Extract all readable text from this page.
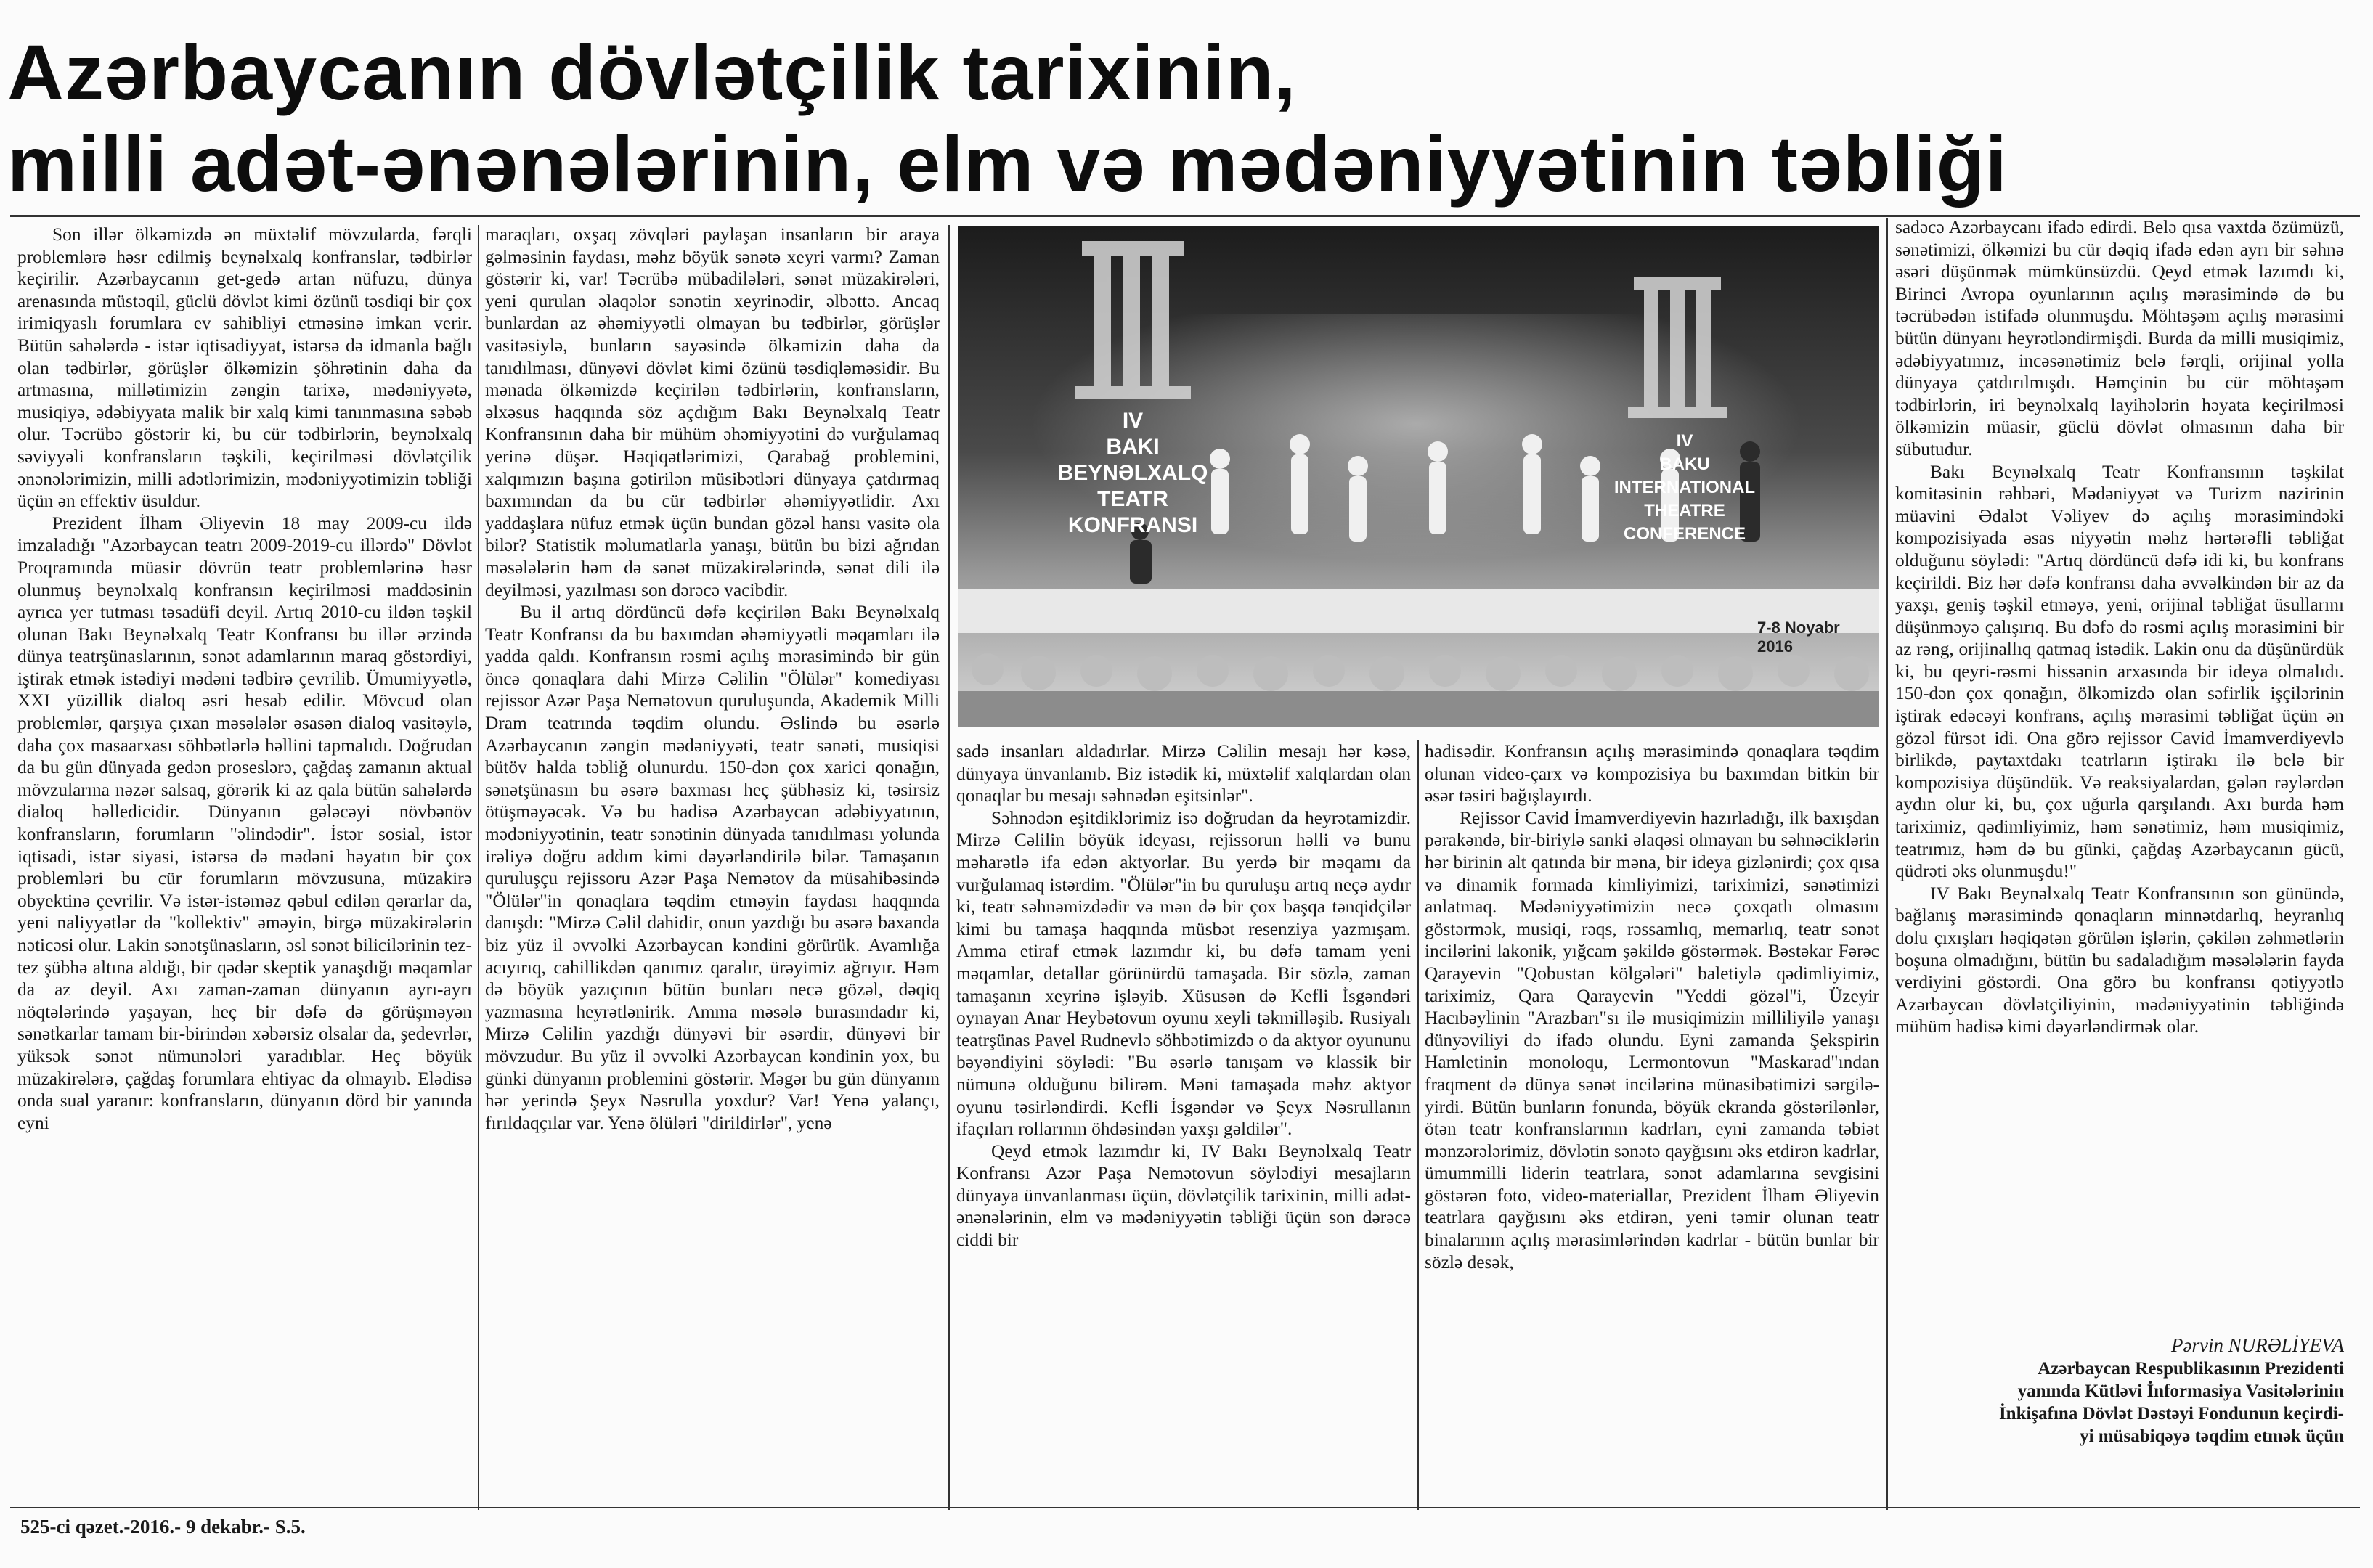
Azərbaycanın dövlətçilik tarixinin,
milli adət-ənənələrinin, elm və mədəniyyətinin təbliği

Son illər ölkəmizdə ən müxtəlif mövzularda, fərqli problemlərə həsr edilmiş beynəlxalq konfranslar, tədbirlər keçirilir. Azərbaycanın get-gedə artan nüfuzu, dünya arenasında müstəqil, güclü dövlət kimi özünü təsdiqi bir çox irimiqyaslı forumlara ev sahibliyi etməsinə imkan verir. Bütün sahələrdə - istər iqtisadiyyat, istərsə də idmanla bağlı olan tədbirlər, görüşlər ölkəmizin şöhrətinin daha da artmasına, millətimizin zəngin tarixə, mədəniyyətə, musiqiyə, ədəbiyyata malik bir xalq kimi tanınmasına səbəb olur. Təcrübə göstərir ki, bu cür tədbirlərin, beynəlxalq səviyyəli konfransların təşkili, keçirilməsi dövlətçilik ənənələrimizin, milli adətlərimizin, mədəniyyətimizin təbliği üçün ən effektiv üsuldur.

Prezident İlham Əliyevin 18 may 2009-cu ildə imzaladığı "Azərbaycan teatrı 2009-2019-cu illərdə" Dövlət Proqramında müasir dövrün teatr problemlərinə həsr olunmuş beynəlxalq konfransın keçirilməsi maddəsinin ayrıca yer tutması təsadüfi deyil. Artıq 2010-cu ildən təşkil olunan Bakı Beynəlxalq Teatr Konfransı bu illər ərzində dünya teatrşünaslarının, sənət adamlarının maraq göstərdiyi, iştirak etmək istədiyi mədəni tədbirə çevrilib. Ümumiyyətlə, XXI yüzillik dialoq əsri hesab edilir. Mövcud olan problemlər, qarşıya çıxan məsələlər əsasən dialoq vasitəylə, daha çox masaarxası söhbətlərlə həllini tapmalıdı. Doğrudan da bu gün dünyada gedən proseslərə, çağdaş zamanın aktual mövzularına nəzər salsaq, görərik ki az qala bütün sahələrdə dialoq həlledicidir. Dünyanın gələcəyi növbənöv konfransların, forumların "əlindədir". İstər sosial, istər iqtisadi, istər siyasi, istərsə də mədəni həyatın bir çox problemləri bu cür forumların mövzusuna, müzakirə obyektinə çevrilir. Və istər-istəməz qəbul edilən qərarlar da, yeni naliyyətlər də "kollektiv" əməyin, birgə müzakirələrin nəticəsi olur. Lakin sənətşünasların, əsl sənət bilicilərinin tez-tez şübhə altına aldığı, bir qədər skeptik yanaşdığı məqamlar da az deyil. Axı zaman-zaman dünyanın ayrı-ayrı nöqtələrində yaşayan, heç bir dəfə də görüşməyən sənətkarlar tamam bir-birindən xəbərsiz olsalar da, şedevrlər, yüksək sənət nümunələri yaradıblar. Heç böyük müzakirələrə, çağdaş forumlara ehtiyac da olmayıb. Elədisə onda sual yaranır: konfransların, dünyanın dörd bir yanında eyni

maraqları, oxşaq zövqləri paylaşan insanların bir araya gəlməsinin faydası, məhz böyük sənətə xeyri varmı? Zaman göstərir ki, var! Təcrübə mübadilələri, sənət müzakirələri, yeni qurulan əlaqələr sənətin xeyrinədir, əlbəttə. Ancaq bunlardan az əhəmiyyətli olmayan bu tədbirlər, görüşlər vasitəsiylə, bunların sayəsində ölkəmizin daha da tanıdılması, dünyəvi dövlət kimi özünü təsdiqləməsidir. Bu mənada ölkəmizdə keçirilən tədbirlərin, konfransların, əlxəsus haqqında söz açdığım Bakı Beynəlxalq Teatr Konfransının daha bir mühüm əhəmiyyətini də vurğulamaq yerinə düşər. Həqiqətlərimizi, Qarabağ problemini, xalqımızın başına gətirilən müsibətləri dünyaya çatdırmaq baxımından da bu cür tədbirlər əhəmiyyətlidir. Axı yaddaşlara nüfuz etmək üçün bundan gözəl hansı vasitə ola bilər? Statistik məlumatlarla yanaşı, bütün bu bizi ağrıdan məsələlərin həm də sənət müzakirələrində, sənət dili ilə deyilməsi, yazılması son dərəcə vacibdir.

Bu il artıq dördüncü dəfə keçirilən Bakı Beynəlxalq Teatr Konfransı da bu baxımdan əhəmiyyətli məqamları ilə yadda qaldı. Konfransın rəsmi açılış mərasimində bir gün öncə qonaqlara dahi Mirzə Cəlilin "Ölülər" komediyası rejissor Azər Paşa Nemətovun quruluşunda, Akademik Milli Dram teatrında təqdim olundu. Əslində bu əsərlə Azərbaycanın zəngin mədəniyyəti, teatr sənəti, musiqisi bütöv halda təbliğ olunurdu. 150-dən çox xarici qonağın, sənətşünasın bu əsərə baxması heç şübhəsiz ki, təsirsiz ötüşməyəcək. Və bu hadisə Azərbaycan ədəbiyyatının, mədəniyyətinin, teatr sənətinin dünyada tanıdılması yolunda irəliyə doğru addım kimi dəyərləndirilə bilər. Tamaşanın quruluşçu rejissoru Azər Paşa Nemətov da müsahibəsində "Ölülər"in qonaqlara təqdim etməyin faydası haqqında danışdı: "Mirzə Cəlil dahidir, onun yazdığı bu əsərə baxanda biz yüz il əvvəlki Azərbaycan kəndini görürük. Avamlığa acıyırıq, cahillikdən qanımız qaralır, ürəyimiz ağrıyır. Həm də böyük yazıçının bütün bunları necə gözəl, dəqiq yazmasına heyrətlənirik. Amma məsələ burasındadır ki, Mirzə Cəlilin yazdığı dünyəvi bir əsərdir, dünyəvi bir mövzudur. Bu yüz il əvvəlki Azərbaycan kəndinin yox, bu günki dünyanın problemini göstərir. Məgər bu gün dünyanın hər yerində Şeyx Nəsrulla yoxdur? Var! Yenə yalançı, fırıldaqçılar var. Yenə ölüləri "dirildirlər", yenə

IV
BAKI
BEYNƏLXALQ
TEATR
KONFRANSI
IV
BAKU
INTERNATIONAL
THEATRE
CONFERENCE
7-8 Noyabr 2016

sadə insanları aldadırlar. Mirzə Cəlilin mesajı hər kəsə, dünyaya ünvanlanıb. Biz istədik ki, müxtəlif xalqlardan olan qonaqlar bu mesajı səhnədən eşitsinlər".

Səhnədən eşitdiklərimiz isə doğrudan da heyrətamizdir. Mirzə Cəlilin böyük ideyası, rejissorun həlli və bunu məharətlə ifa edən aktyorlar. Bu yerdə bir məqamı da vurğulamaq istərdim. "Ölülər"in bu quruluşu artıq neçə aydır ki, teatr səhnəmizdədir və mən də bir çox başqa tənqidçilər kimi bu tamaşa haqqında müsbət resenziya yazmışam. Amma etiraf etmək lazımdır ki, bu dəfə tamam yeni məqamlar, detallar görünürdü tamaşada. Bir sözlə, zaman tamaşanın xeyrinə işləyib. Xüsusən də Kefli İsgəndəri oynayan Anar Heybətovun oyunu xeyli təkmilləşib. Rusiyalı teatrşünas Pavel Rudnevlə söhbətimizdə o da aktyor oyununu bəyəndiyini söylədi: "Bu əsərlə tanışam və klassik bir nümunə olduğunu bilirəm. Məni tamaşada məhz aktyor oyunu təsirləndirdi. Kefli İsgəndər və Şeyx Nəsrullanın ifaçıları rollarının öhdəsindən yaxşı gəldilər".

Qeyd etmək lazımdır ki, IV Bakı Beynəlxalq Teatr Konfransı Azər Paşa Nemətovun söylədiyi mesajların dünyaya ünvanlanması üçün, dövlətçilik tarixinin, milli adət-ənənələrinin, elm və mədəniyyətin təbliği üçün son dərəcə ciddi bir

hadisədir. Konfransın açılış mərasimində qonaqlara təqdim olunan video-çarx və kompozisiya bu baxımdan bitkin bir əsər təsiri bağışlayırdı.

Rejissor Cavid İmamverdiyevin hazırladığı, ilk baxışdan pərakəndə, bir-biriylə sanki əlaqəsi olmayan bu səhnəciklərin hər birinin alt qatında bir məna, bir ideya gizlənirdi; çox qısa və dinamik formada kimliyimizi, tariximizi, sənətimizi anlatmaq. Mədəniyyətimizin necə çoxqatlı olmasını göstərmək, musiqi, rəqs, rəssamlıq, memarlıq, teatr sənət incilərini lakonik, yığcam şəkildə göstərmək. Bəstəkar Fərəc Qarayevin "Qobustan kölgələri" baletiylə qədimliyimiz, tariximiz, Qara Qarayevin "Yeddi gözəl"i, Üzeyir Hacıbəylinin "Arazbarı"sı ilə musiqimizin milliliyilə yanaşı dünyəviliyi də ifadə olundu. Eyni zamanda Şekspirin Hamletinin monoloqu, Lermontovun "Maskarad"ından fraqment də dünya sənət incilərinə münasibətimizi sərgiləyirdi. Bütün bunların fonunda, böyük ekranda göstərilənlər, ötən teatr konfranslarının kadrları, eyni zamanda təbiət mənzərələrimiz, dövlətin sənətə qayğısını əks etdirən kadrlar, ümummilli liderin teatrlara, sənət adamlarına sevgisini göstərən foto, video-materiallar, Prezident İlham Əliyevin teatrlara qayğısını əks etdirən, yeni təmir olunan teatr binalarının açılış mərasimlərindən kadrlar - bütün bunlar bir sözlə desək,

sadəcə Azərbaycanı ifadə edirdi. Belə qısa vaxtda özümüzü, sənətimizi, ölkəmizi bu cür dəqiq ifadə edən ayrı bir səhnə əsəri düşünmək mümkünsüzdü. Qeyd etmək lazımdı ki, Birinci Avropa oyunlarının açılış mərasimində də bu təcrübədən istifadə olunmuşdu. Möhtəşəm açılış mərasimi bütün dünyanı heyrətləndirmişdi. Burda da milli musiqimiz, ədəbiyyatımız, incəsənətimiz belə fərqli, orijinal yolla dünyaya çatdırılmışdı. Həmçinin bu cür möhtəşəm tədbirlərin, iri beynəlxalq layihələrin həyata keçirilməsi ölkəmizin müasir, güclü dövlət olmasının daha bir sübutudur.

Bakı Beynəlxalq Teatr Konfransının təşkilat komitəsinin rəhbəri, Mədəniyyət və Turizm nazirinin müavini Ədalət Vəliyev də açılış mərasimindəki kompozisiyada əsas niyyətin məhz hərtərəfli təbliğat olduğunu söylədi: "Artıq dördüncü dəfə idi ki, bu konfrans keçirildi. Biz hər dəfə konfransı daha əvvəlkindən bir az da yaxşı, geniş təşkil etməyə, yeni, orijinal təbliğat üsullarını düşünməyə çalışırıq. Bu dəfə də rəsmi açılış mərasimini bir az rəng, orijinallıq qatmaq istədik. Lakin onu da düşünürdük ki, bu qeyri-rəsmi hissənin arxasında bir ideya olmalıdı. 150-dən çox qonağın, ölkəmizdə olan səfirlik işçilərinin iştirak edəcəyi konfrans, açılış mərasimi təbliğat üçün ən gözəl fürsət idi. Ona görə rejissor Cavid İmamverdiyevlə birlikdə, paytaxtdakı teatrların iştirakı ilə belə bir kompozisiya düşündük. Və reaksiyalardan, gələn rəylərdən aydın olur ki, bu, çox uğurla qarşılandı. Axı burda həm tariximiz, qədimliyimiz, həm sənətimiz, həm musiqimiz, teatrımız, həm də bu günki, çağdaş Azərbaycanın gücü, qüdrəti əks olunmuşdu!"

IV Bakı Beynəlxalq Teatr Konfransının son günündə, bağlanış mərasimində qonaqların minnətdarlıq, heyranlıq dolu çıxışları həqiqətən görülən işlərin, çəkilən zəhmətlərin boşuna olmadığını, bütün bu sadaladığım məsələlərin fayda verdiyini göstərdi. Ona görə bu konfransı qətiyyətlə Azərbaycan dövlətçiliyinin, mədəniyyətinin təbliğində mühüm hadisə kimi dəyərləndirmək olar.

Pərvin NURƏLİYEVA
Azərbaycan Respublikasının Prezidenti
yanında Kütləvi İnformasiya Vasitələrinin
İnkişafına Dövlət Dəstəyi Fondunun keçirdi-
yi müsabiqəyə təqdim etmək üçün
525-ci qəzet.-2016.- 9 dekabr.- S.5.
